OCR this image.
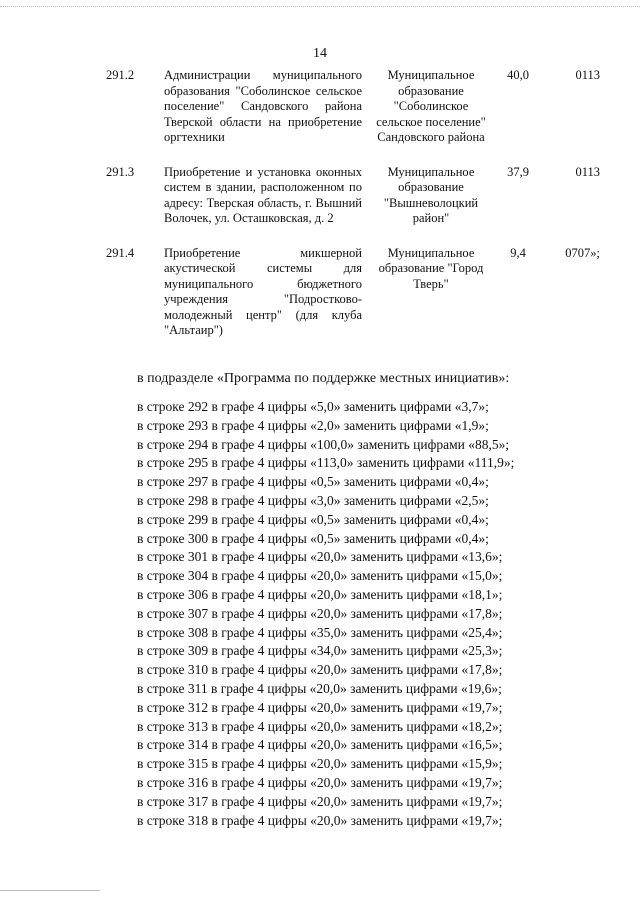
14
291.2	Администрации муниципального образования "Соболинское сельское поселение" Сандовского района Тверской области на приобретение оргтехники	Муниципальное образование "Соболинское сельское поселение" Сандовского района	40,0	0113
291.3	Приобретение и установка оконных систем в здании, расположенном по адресу: Тверская область, г. Вышний Волочек, ул. Осташковская, д. 2	Муниципальное образование "Вышневолоцкий район"	37,9	0113
291.4	Приобретение микшерной акустической системы для муниципального бюджетного учреждения "Подростково-молодежный центр" (для клуба "Альтаир")	Муниципальное образование "Город Тверь"	9,4	0707»;
в подразделе «Программа по поддержке местных инициатив»:
в строке 292 в графе 4 цифры «5,0» заменить цифрами «3,7»;
в строке 293 в графе 4 цифры «2,0» заменить цифрами «1,9»;
в строке 294 в графе 4 цифры «100,0» заменить цифрами «88,5»;
в строке 295 в графе 4 цифры «113,0» заменить цифрами «111,9»;
в строке 297 в графе 4 цифры «0,5» заменить цифрами «0,4»;
в строке 298 в графе 4 цифры «3,0» заменить цифрами «2,5»;
в строке 299 в графе 4 цифры «0,5» заменить цифрами «0,4»;
в строке 300 в графе 4 цифры «0,5» заменить цифрами «0,4»;
в строке 301 в графе 4 цифры «20,0» заменить цифрами «13,6»;
в строке 304 в графе 4 цифры «20,0» заменить цифрами «15,0»;
в строке 306 в графе 4 цифры «20,0» заменить цифрами «18,1»;
в строке 307 в графе 4 цифры «20,0» заменить цифрами «17,8»;
в строке 308 в графе 4 цифры «35,0» заменить цифрами «25,4»;
в строке 309 в графе 4 цифры «34,0» заменить цифрами «25,3»;
в строке 310 в графе 4 цифры «20,0» заменить цифрами «17,8»;
в строке 311 в графе 4 цифры «20,0» заменить цифрами «19,6»;
в строке 312 в графе 4 цифры «20,0» заменить цифрами «19,7»;
в строке 313 в графе 4 цифры «20,0» заменить цифрами «18,2»;
в строке 314 в графе 4 цифры «20,0» заменить цифрами «16,5»;
в строке 315 в графе 4 цифры «20,0» заменить цифрами «15,9»;
в строке 316 в графе 4 цифры «20,0» заменить цифрами «19,7»;
в строке 317 в графе 4 цифры «20,0» заменить цифрами «19,7»;
в строке 318 в графе 4 цифры «20,0» заменить цифрами «19,7»;
